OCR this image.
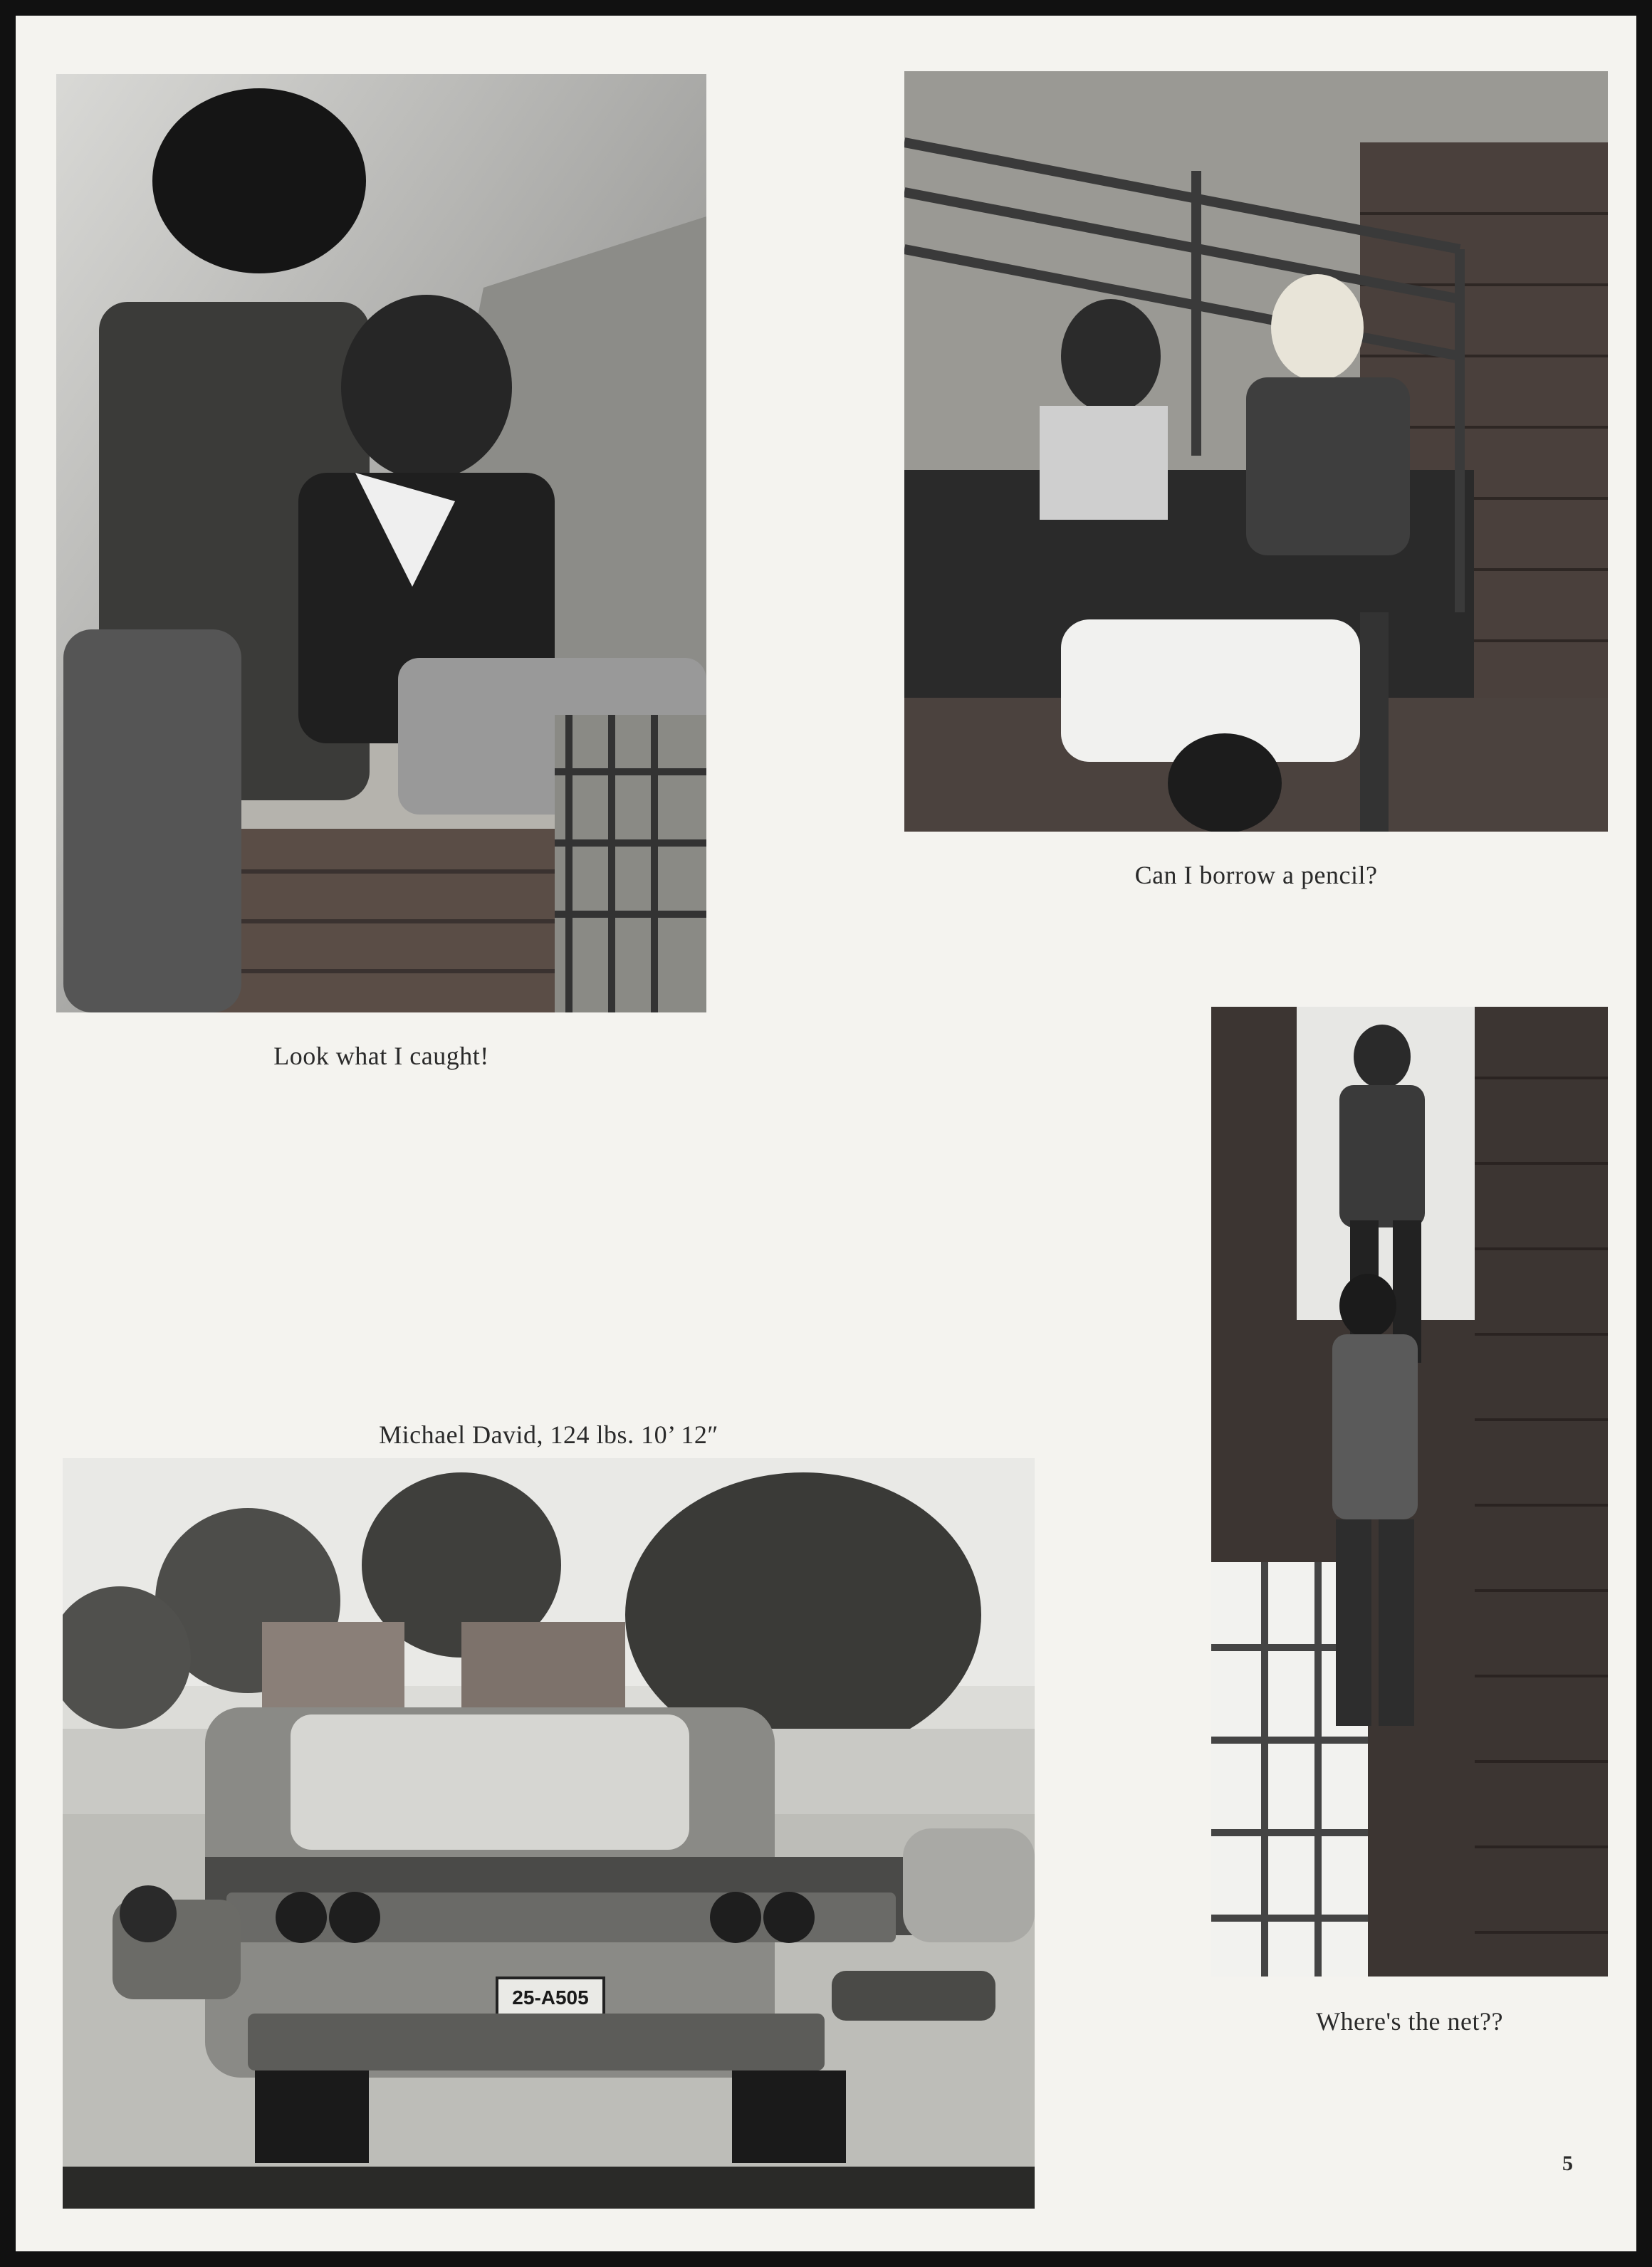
Look what I caught!
Can I borrow a pencil?
Where's the net??
Michael David, 124 lbs. 10’ 12″
25-A505
5
